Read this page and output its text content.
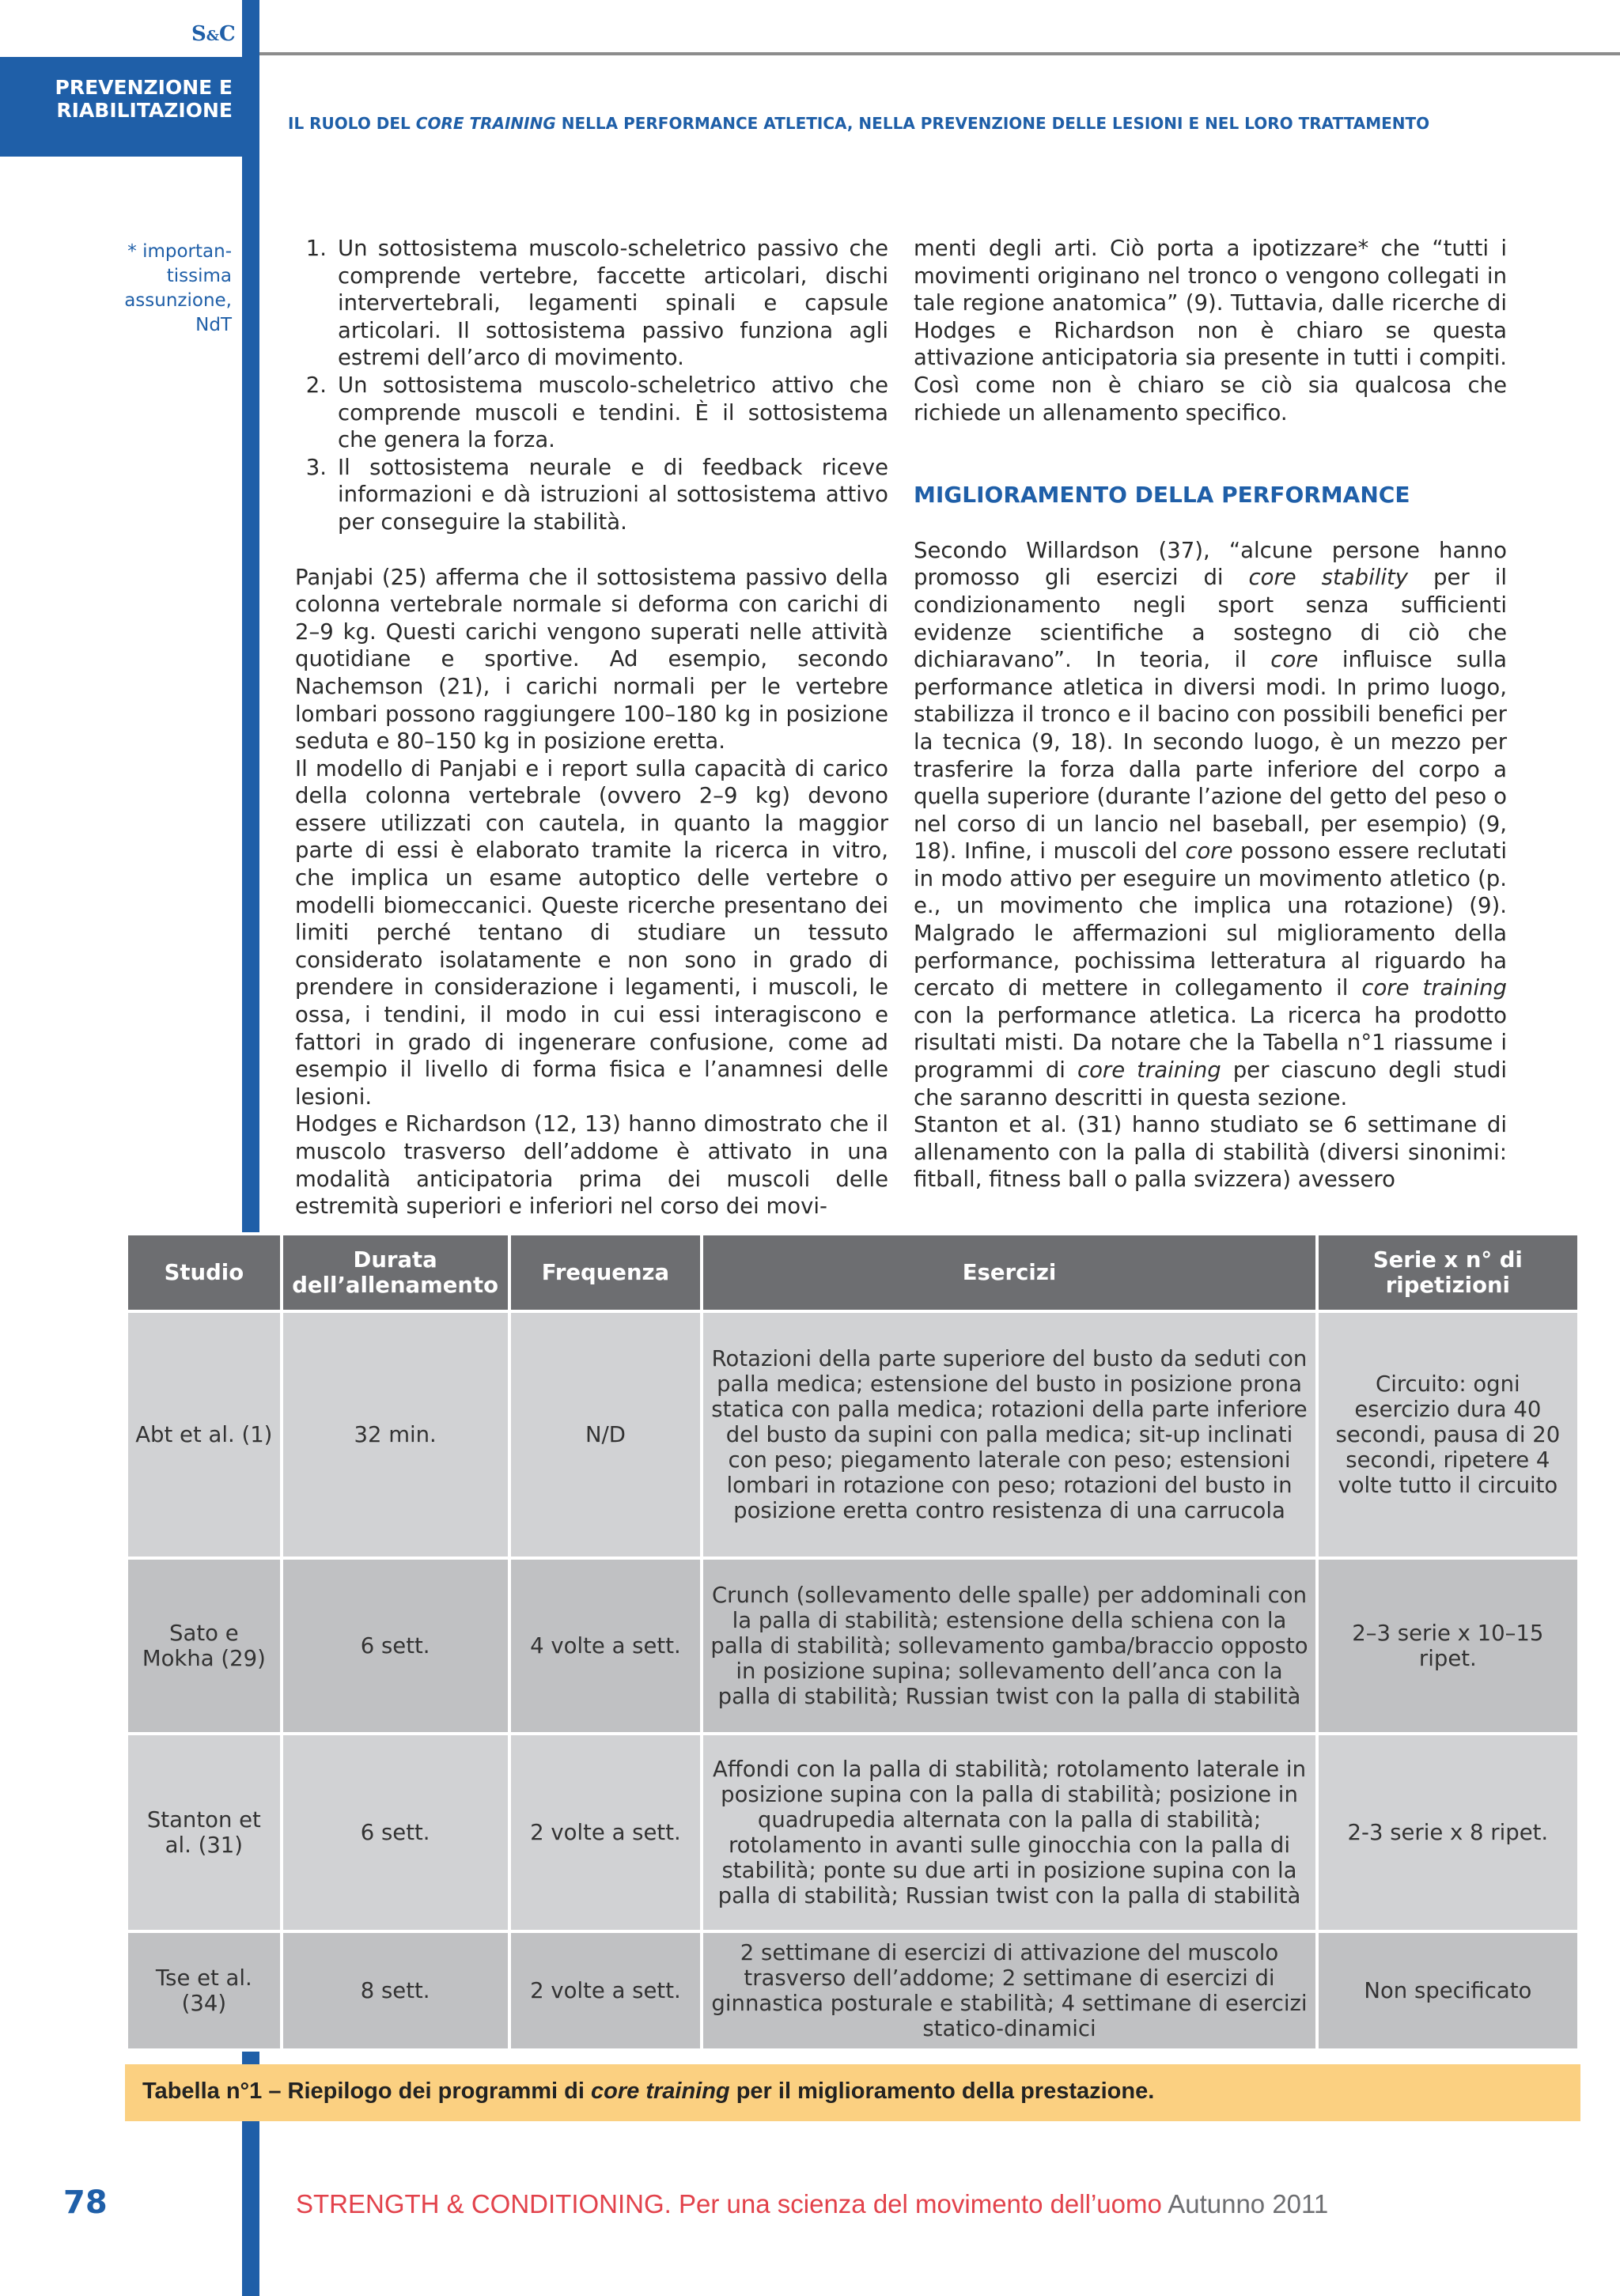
S&C
PREVENZIONE E
RIABILITAZIONE
IL RUOLO DEL CORE TRAINING NELLA PERFORMANCE ATLETICA, NELLA PREVENZIONE DELLE LESIONI E NEL LORO TRATTAMENTO
* importan-tissima assunzione, NdT
1. Un sottosistema muscolo-scheletrico passivo che comprende vertebre, faccette articolari, dischi intervertebrali, legamenti spinali e capsule articolari. Il sottosistema passivo funziona agli estremi dell’arco di movimento.
2. Un sottosistema muscolo-scheletrico attivo che comprende muscoli e tendini. È il sottosistema che genera la forza.
3. Il sottosistema neurale e di feedback riceve informazioni e dà istruzioni al sottosistema attivo per conseguire la stabilità.

Panjabi (25) afferma che il sottosistema passivo della colonna vertebrale normale si deforma con carichi di 2–9 kg. Questi carichi vengono superati nelle attività quotidiane e sportive. Ad esempio, secondo Nachemson (21), i carichi normali per le vertebre lombari possono raggiungere 100–180 kg in posizione seduta e 80–150 kg in posizione eretta.

Il modello di Panjabi e i report sulla capacità di carico della colonna vertebrale (ovvero 2–9 kg) devono essere utilizzati con cautela, in quanto la maggior parte di essi è elaborato tramite la ricerca in vitro, che implica un esame autoptico delle vertebre o modelli biomeccanici. Queste ricerche presentano dei limiti perché tentano di studiare un tessuto considerato isolatamente e non sono in grado di prendere in considerazione i legamenti, i muscoli, le ossa, i tendini, il modo in cui essi interagiscono e fattori in grado di ingenerare confusione, come ad esempio il livello di forma fisica e l’anamnesi delle lesioni.

Hodges e Richardson (12, 13) hanno dimostrato che il muscolo trasverso dell’addome è attivato in una modalità anticipatoria prima dei muscoli delle estremità superiori e inferiori nel corso dei movi-

menti degli arti. Ciò porta a ipotizzare* che “tutti i movimenti originano nel tronco o vengono collegati in tale regione anatomica” (9). Tuttavia, dalle ricerche di Hodges e Richardson non è chiaro se questa attivazione anticipatoria sia presente in tutti i compiti. Così come non è chiaro se ciò sia qualcosa che richiede un allenamento specifico.

MIGLIORAMENTO DELLA PERFORMANCE

Secondo Willardson (37), “alcune persone hanno promosso gli esercizi di core stability per il condizionamento negli sport senza sufficienti evidenze scientifiche a sostegno di ciò che dichiaravano”. In teoria, il core influisce sulla performance atletica in diversi modi. In primo luogo, stabilizza il tronco e il bacino con possibili benefici per la tecnica (9, 18). In secondo luogo, è un mezzo per trasferire la forza dalla parte inferiore del corpo a quella superiore (durante l’azione del getto del peso o nel corso di un lancio nel baseball, per esempio) (9, 18). Infine, i muscoli del core possono essere reclutati in modo attivo per eseguire un movimento atletico (p. e., un movimento che implica una rotazione) (9). Malgrado le affermazioni sul miglioramento della performance, pochissima letteratura al riguardo ha cercato di mettere in collegamento il core training con la performance atletica. La ricerca ha prodotto risultati misti. Da notare che la Tabella n°1 riassume i programmi di core training per ciascuno degli studi che saranno descritti in questa sezione.

Stanton et al. (31) hanno studiato se 6 settimane di allenamento con la palla di stabilità (diversi sinonimi: fitball, fitness ball o palla svizzera) avessero

Studio	Durata dell’allenamento	Frequenza	Esercizi	Serie x n° di ripetizioni
Abt et al. (1)	32 min.	N/D	Rotazioni della parte superiore del busto da seduti con palla medica; estensione del busto in posizione prona statica con palla medica; rotazioni della parte inferiore del busto da supini con palla medica; sit-up inclinati con peso; piegamento laterale con peso; estensioni lombari in rotazione con peso; rotazioni del busto in posizione eretta contro resistenza di una carrucola	Circuito: ogni esercizio dura 40 secondi, pausa di 20 secondi, ripetere 4 volte tutto il circuito
Sato e Mokha (29)	6 sett.	4 volte a sett.	Crunch (sollevamento delle spalle) per addominali con la palla di stabilità; estensione della schiena con la palla di stabilità; sollevamento gamba/braccio opposto in posizione supina; sollevamento dell’anca con la palla di stabilità; Russian twist con la palla di stabilità	2–3 serie x 10–15 ripet.
Stanton et al. (31)	6 sett.	2 volte a sett.	Affondi con la palla di stabilità; rotolamento laterale in posizione supina con la palla di stabilità; posizione in quadrupedia alternata con la palla di stabilità; rotolamento in avanti sulle ginocchia con la palla di stabilità; ponte su due arti in posizione supina con la palla di stabilità; Russian twist con la palla di stabilità	2-3 serie x 8 ripet.
Tse et al. (34)	8 sett.	2 volte a sett.	2 settimane di esercizi di attivazione del muscolo trasverso dell’addome; 2 settimane di esercizi di ginnastica posturale e stabilità; 4 settimane di esercizi statico-dinamici	Non specificato
Tabella n°1 – Riepilogo dei programmi di core training per il miglioramento della prestazione.
78	STRENGTH & CONDITIONING. Per una scienza del movimento dell’uomo Autunno 2011
